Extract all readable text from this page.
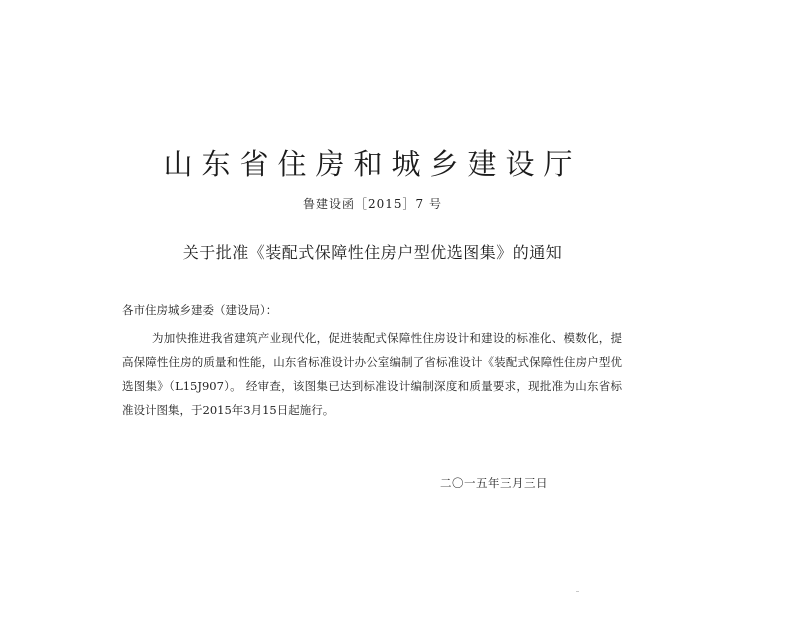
山东省住房和城乡建设厅
鲁建设函［2015］7 号
关于批准《装配式保障性住房户型优选图集》的通知

各市住房城乡建委（建设局）：

为加快推进我省建筑产业现代化，促进装配式保障性住房设计和建设的标准化、模数化，提高保障性住房的质量和性能，山东省标准设计办公室编制了省标准设计《装配式保障性住房户型优选图集》（L15J907）。 经审查，该图集已达到标准设计编制深度和质量要求，现批准为山东省标准设计图集，于2015年3月15日起施行。

二〇一五年三月三日
